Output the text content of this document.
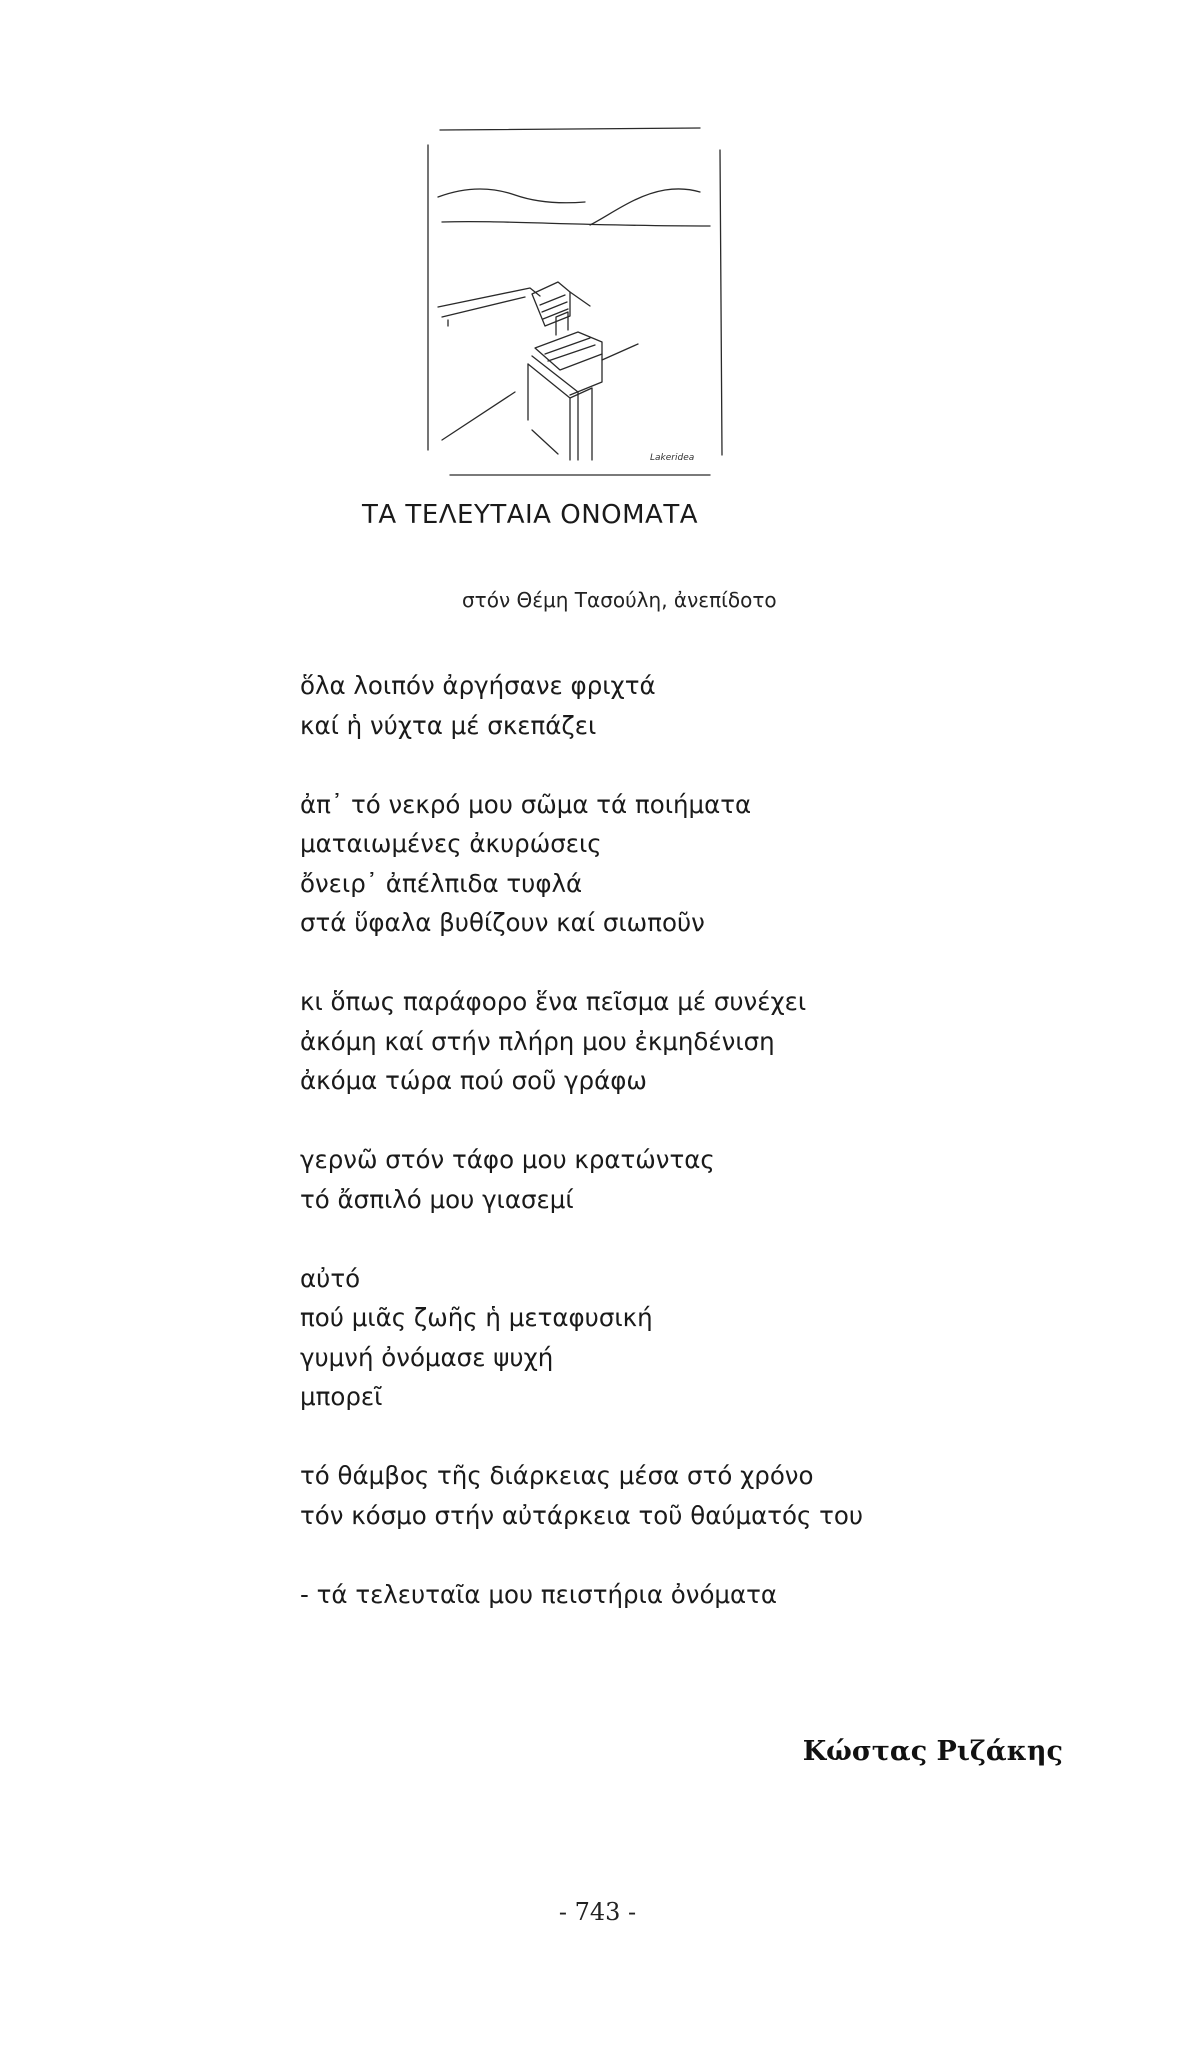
Lakeridea
ΤΑ ΤΕΛΕΥΤΑΙΑ ΟΝΟΜΑΤΑ
στόν Θέμη Τασούλη, ἀνεπίδοτο
ὅλα λοιπόν ἀργήσανε φριχτά
καί ἡ νύχτα μέ σκεπάζει
ἀπ᾿ τό νεκρό μου σῶμα τά ποιήματα
ματαιωμένες ἀκυρώσεις
ὄνειρ᾿ ἀπέλπιδα τυφλά
στά ὕφαλα βυθίζουν καί σιωποῦν
κι ὅπως παράφορο ἕνα πεῖσμα μέ συνέχει
ἀκόμη καί στήν πλήρη μου ἐκμηδένιση
ἀκόμα τώρα πού σοῦ γράφω
γερνῶ στόν τάφο μου κρατώντας
τό ἄσπιλό μου γιασεμί
αὐτό
πού μιᾶς ζωῆς ἡ μεταφυσική
γυμνή ὀνόμασε ψυχή
μπορεῖ
τό θάμβος τῆς διάρκειας μέσα στό χρόνο
τόν κόσμο στήν αὐτάρκεια τοῦ θαύματός του
- τά τελευταῖα μου πειστήρια ὀνόματα
Κώστας Ριζάκης
- 743 -
